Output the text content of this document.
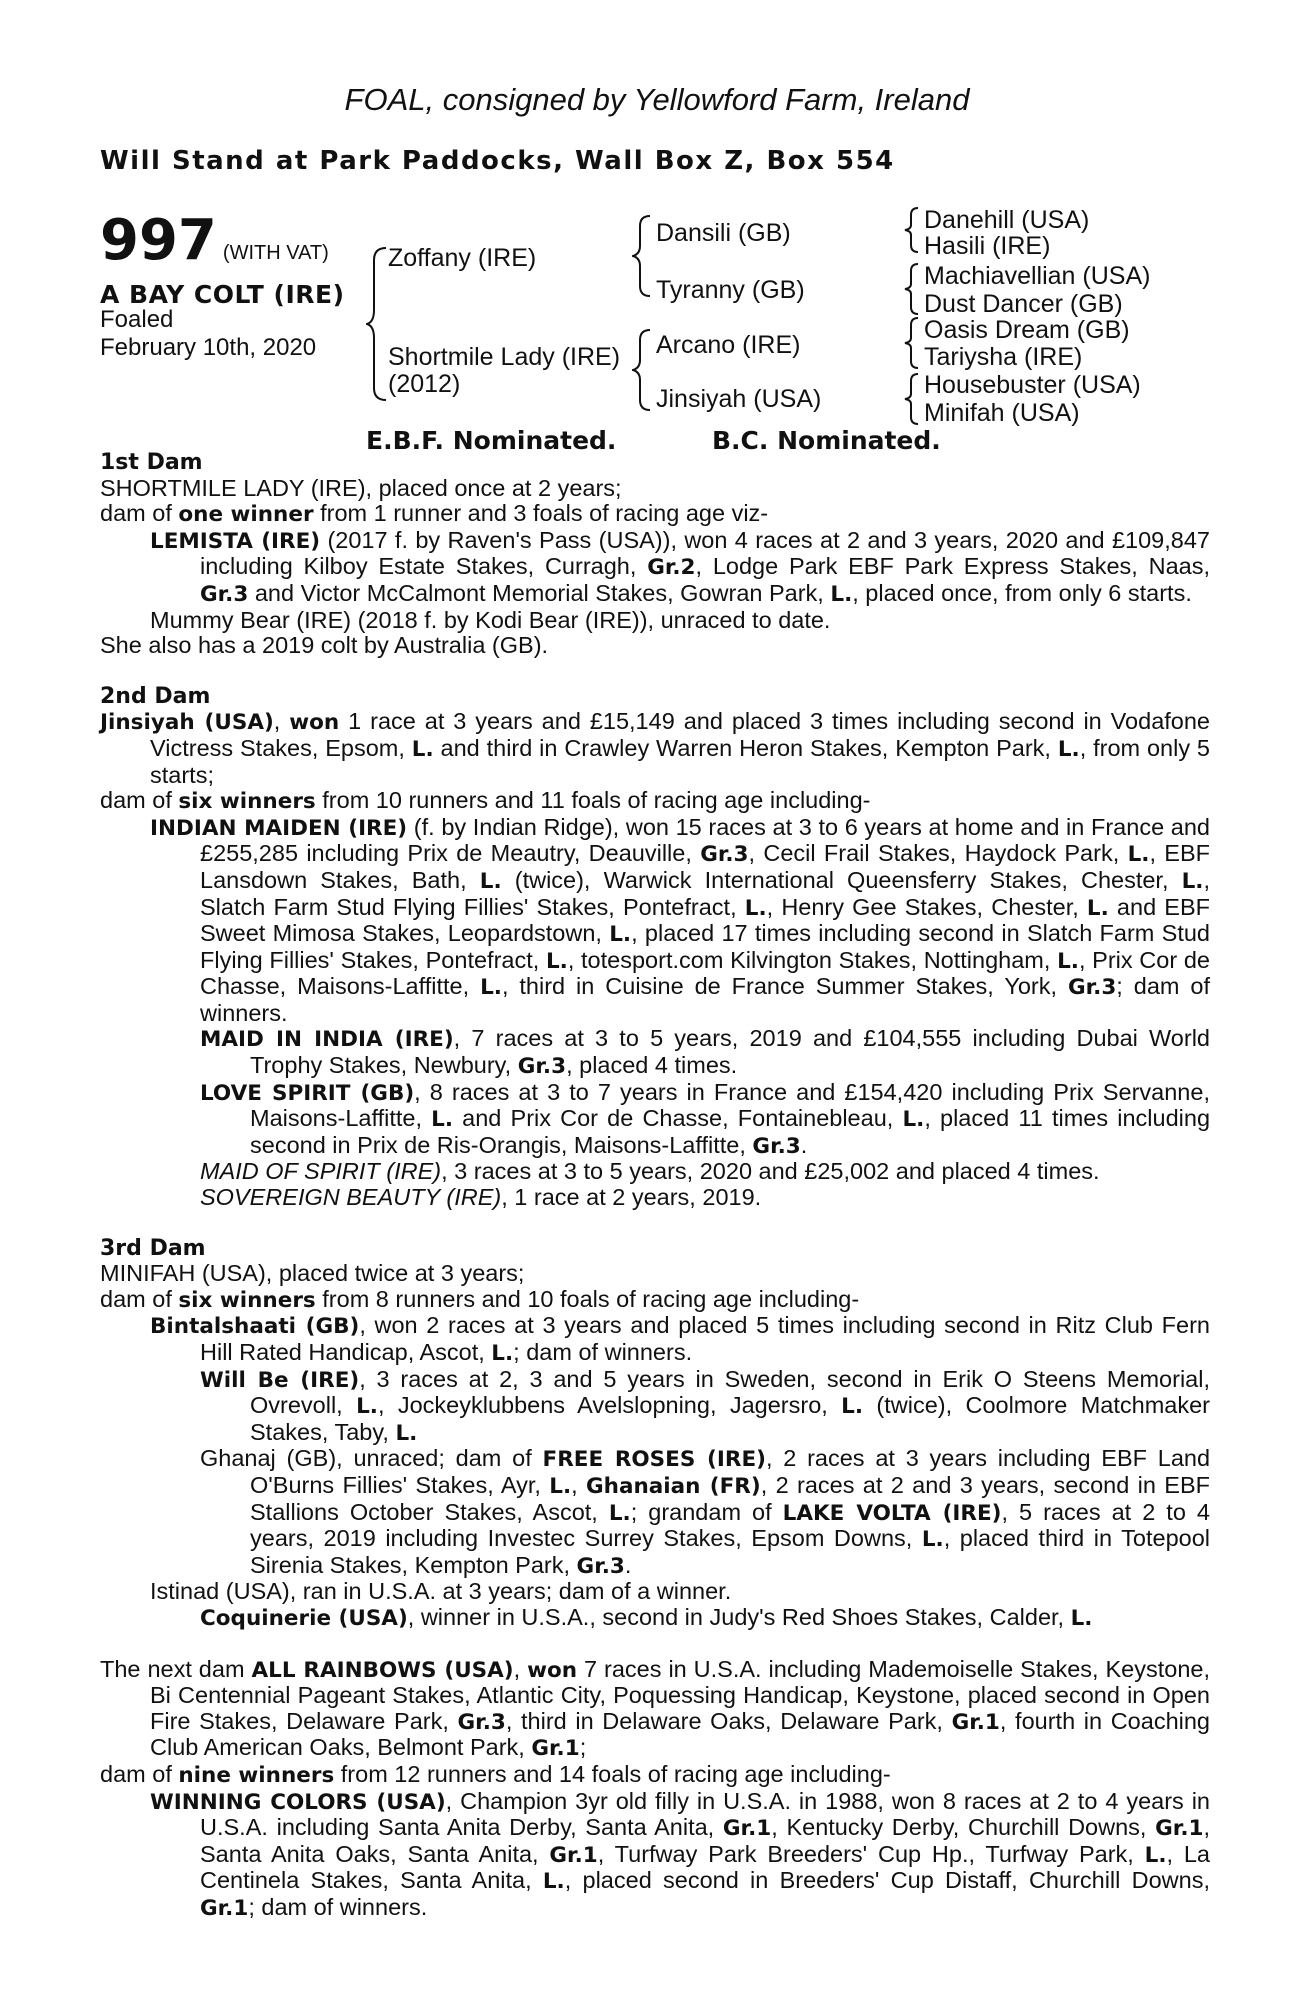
FOAL, consigned by Yellowford Farm, Ireland
Will Stand at Park Paddocks, Wall Box Z, Box 554
997 (WITH VAT)
A BAY COLT (IRE)
Foaled
February 10th, 2020
Zoffany (IRE)
Shortmile Lady (IRE)
(2012)
Dansili (GB)
Tyranny (GB)
Arcano (IRE)
Jinsiyah (USA)
Danehill (USA)
Hasili (IRE)
Machiavellian (USA)
Dust Dancer (GB)
Oasis Dream (GB)
Tariysha (IRE)
Housebuster (USA)
Minifah (USA)
E.B.F. Nominated.	B.C. Nominated.

1st Dam

SHORTMILE LADY (IRE), placed once at 2 years;

dam of one winner from 1 runner and 3 foals of racing age viz-

LEMISTA (IRE) (2017 f. by Raven's Pass (USA)), won 4 races at 2 and 3 years, 2020 and £109,847 including Kilboy Estate Stakes, Curragh, Gr.2, Lodge Park EBF Park Express Stakes, Naas, Gr.3 and Victor McCalmont Memorial Stakes, Gowran Park, L., placed once, from only 6 starts.

Mummy Bear (IRE) (2018 f. by Kodi Bear (IRE)), unraced to date.

She also has a 2019 colt by Australia (GB).

2nd Dam

Jinsiyah (USA), won 1 race at 3 years and £15,149 and placed 3 times including second in Vodafone Victress Stakes, Epsom, L. and third in Crawley Warren Heron Stakes, Kempton Park, L., from only 5 starts;

dam of six winners from 10 runners and 11 foals of racing age including-

INDIAN MAIDEN (IRE) (f. by Indian Ridge), won 15 races at 3 to 6 years at home and in France and £255,285 including Prix de Meautry, Deauville, Gr.3, Cecil Frail Stakes, Haydock Park, L., EBF Lansdown Stakes, Bath, L. (twice), Warwick International Queensferry Stakes, Chester, L., Slatch Farm Stud Flying Fillies' Stakes, Pontefract, L., Henry Gee Stakes, Chester, L. and EBF Sweet Mimosa Stakes, Leopardstown, L., placed 17 times including second in Slatch Farm Stud Flying Fillies' Stakes, Pontefract, L., totesport.com Kilvington Stakes, Nottingham, L., Prix Cor de Chasse, Maisons-Laffitte, L., third in Cuisine de France Summer Stakes, York, Gr.3; dam of winners.

MAID IN INDIA (IRE), 7 races at 3 to 5 years, 2019 and £104,555 including Dubai World Trophy Stakes, Newbury, Gr.3, placed 4 times.

LOVE SPIRIT (GB), 8 races at 3 to 7 years in France and £154,420 including Prix Servanne, Maisons-Laffitte, L. and Prix Cor de Chasse, Fontainebleau, L., placed 11 times including second in Prix de Ris-Orangis, Maisons-Laffitte, Gr.3.

MAID OF SPIRIT (IRE), 3 races at 3 to 5 years, 2020 and £25,002 and placed 4 times.

SOVEREIGN BEAUTY (IRE), 1 race at 2 years, 2019.

3rd Dam

MINIFAH (USA), placed twice at 3 years;

dam of six winners from 8 runners and 10 foals of racing age including-

Bintalshaati (GB), won 2 races at 3 years and placed 5 times including second in Ritz Club Fern Hill Rated Handicap, Ascot, L.; dam of winners.

Will Be (IRE), 3 races at 2, 3 and 5 years in Sweden, second in Erik O Steens Memorial, Ovrevoll, L., Jockeyklubbens Avelslopning, Jagersro, L. (twice), Coolmore Matchmaker Stakes, Taby, L.

Ghanaj (GB), unraced; dam of FREE ROSES (IRE), 2 races at 3 years including EBF Land O'Burns Fillies' Stakes, Ayr, L., Ghanaian (FR), 2 races at 2 and 3 years, second in EBF Stallions October Stakes, Ascot, L.; grandam of LAKE VOLTA (IRE), 5 races at 2 to 4 years, 2019 including Investec Surrey Stakes, Epsom Downs, L., placed third in Totepool Sirenia Stakes, Kempton Park, Gr.3.

Istinad (USA), ran in U.S.A. at 3 years; dam of a winner.

Coquinerie (USA), winner in U.S.A., second in Judy's Red Shoes Stakes, Calder, L.

The next dam ALL RAINBOWS (USA), won 7 races in U.S.A. including Mademoiselle Stakes, Keystone, Bi Centennial Pageant Stakes, Atlantic City, Poquessing Handicap, Keystone, placed second in Open Fire Stakes, Delaware Park, Gr.3, third in Delaware Oaks, Delaware Park, Gr.1, fourth in Coaching Club American Oaks, Belmont Park, Gr.1;

dam of nine winners from 12 runners and 14 foals of racing age including-

WINNING COLORS (USA), Champion 3yr old filly in U.S.A. in 1988, won 8 races at 2 to 4 years in U.S.A. including Santa Anita Derby, Santa Anita, Gr.1, Kentucky Derby, Churchill Downs, Gr.1, Santa Anita Oaks, Santa Anita, Gr.1, Turfway Park Breeders' Cup Hp., Turfway Park, L., La Centinela Stakes, Santa Anita, L., placed second in Breeders' Cup Distaff, Churchill Downs, Gr.1; dam of winners.
